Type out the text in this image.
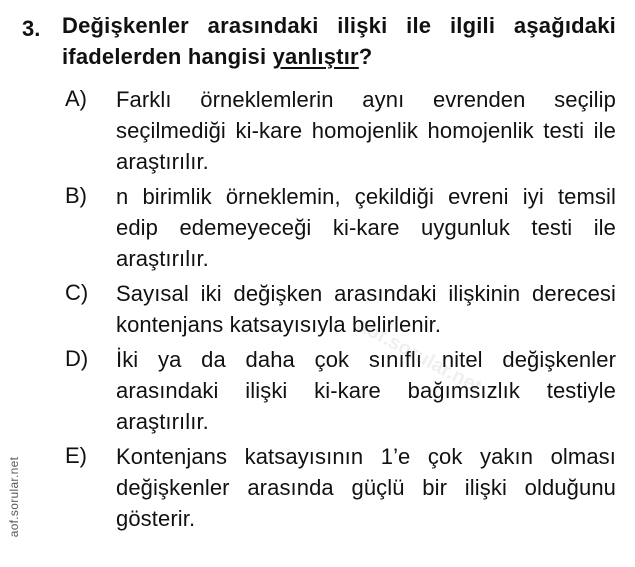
3. Değişkenler arasındaki ilişki ile ilgili aşağıdaki ifadelerden hangisi yanlıştır?
A)	Farklı örneklemlerin aynı evrenden seçilip seçilmediği ki-kare homojenlik homojenlik testi ile araştırılır.
B)	n birimlik örneklemin, çekildiği evreni iyi temsil edip edemeyeceği ki-kare uygunluk testi ile araştırılır.
C)	Sayısal iki değişken arasındaki ilişkinin derecesi kontenjans katsayısıyla belirlenir.
D)	İki ya da daha çok sınıflı nitel değişkenler arasındaki ilişki ki-kare bağımsızlık testiyle araştırılır.
E)	Kontenjans katsayısının 1’e çok yakın olması değişkenler arasında güçlü bir ilişki olduğunu gösterir.
aof.sorular.net
aof.sorular.net
